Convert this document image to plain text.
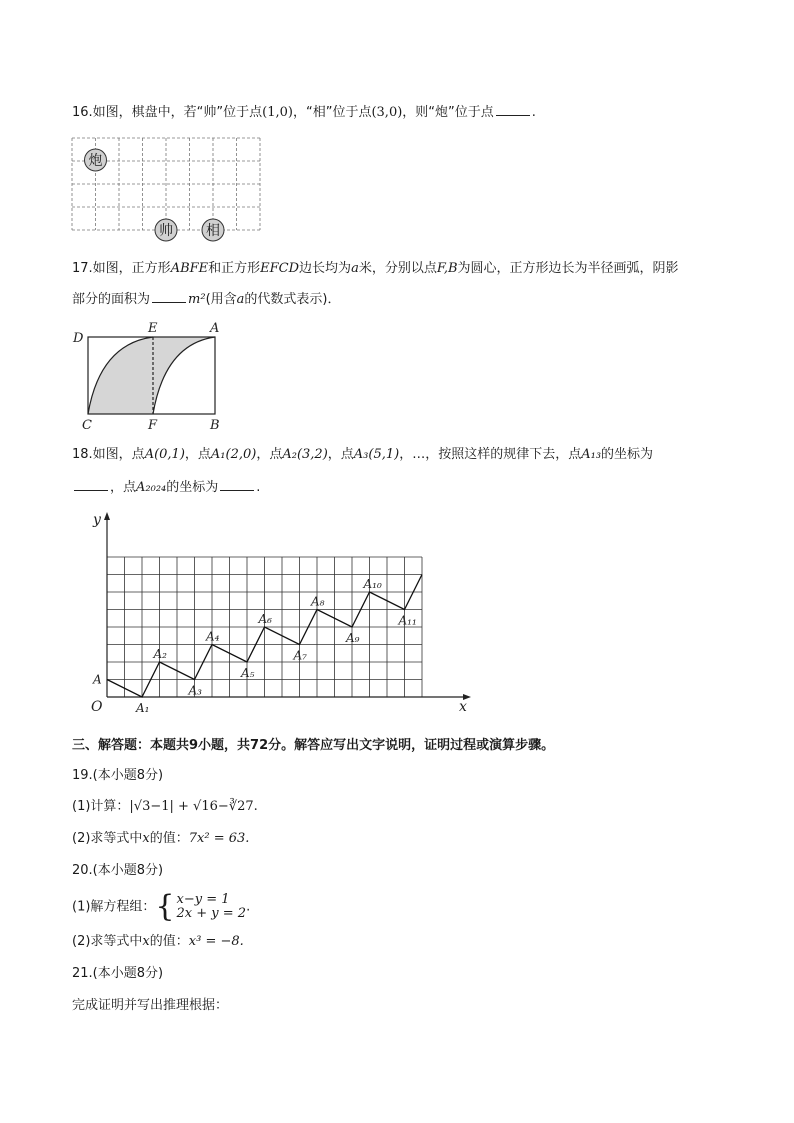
16.如图，棋盘中，若“帅”位于点(1,0)，“相”位于点(3,0)，则“炮”位于点	.
炮
帅 相
17.如图，正方形ABFE和正方形EFCD边长均为a米，分别以点F,B为圆心，正方形边长为半径画弧，阴影
部分的面积为	m²(用含a的代数式表示)．
D
E	A
C	F	B
18.如图，点A(0,1)，点A₁(2,0)，点A₂(3,2)，点A₃(5,1)，…，按照这样的规律下去，点A₁₃的坐标为
，点A₂₀₂₄的坐标为	.
x
y
O
A
A₁
A₂
A₃
A₄
A₅
A₆
A₇
A₈
A₉
A₁₀
A₁₁
三、解答题：本题共9小题，共72分。解答应写出文字说明，证明过程或演算步骤。
19.(本小题8分)
(1)计算：|√3−1| + √16−∛27.
(2)求等式中x的值：7x² = 63.
20.(本小题8分)
(1)解方程组： { x−y = 1
2x + y = 2 .
(2)求等式中x的值：x³ = −8.
21.(本小题8分)
完成证明并写出推理根据：
